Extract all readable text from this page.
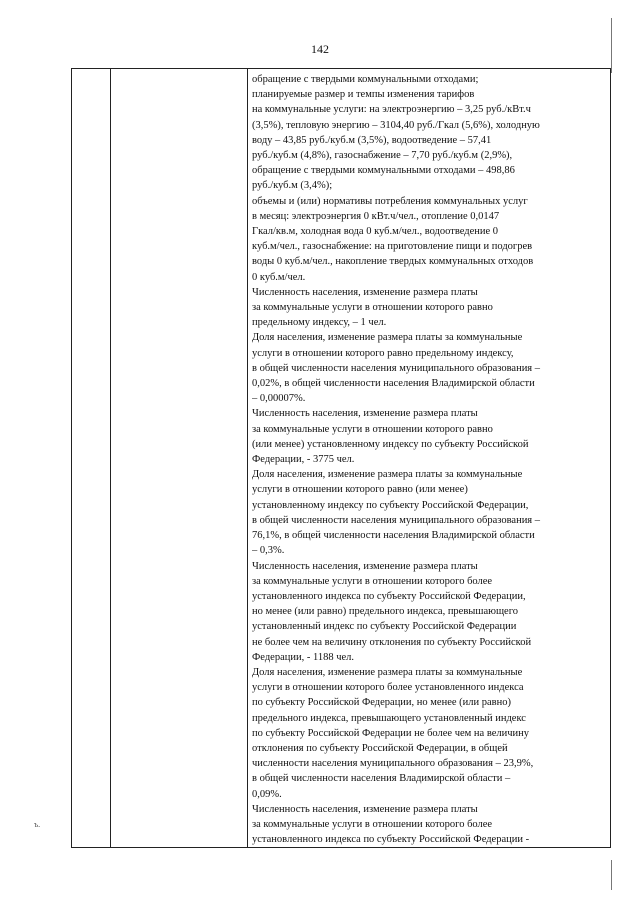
142

обращение с твердыми коммунальными отходами;
планируемые размер и темпы изменения тарифов
на коммунальные услуги: на электроэнергию – 3,25 руб./кВт.ч
(3,5%), тепловую энергию – 3104,40 руб./Гкал (5,6%), холодную
воду – 43,85 руб./куб.м (3,5%), водоотведение – 57,41
руб./куб.м (4,8%), газоснабжение – 7,70 руб./куб.м (2,9%),
обращение с твердыми коммунальными отходами – 498,86
руб./куб.м (3,4%);
объемы и (или) нормативы потребления коммунальных услуг
в месяц: электроэнергия 0 кВт.ч/чел., отопление 0,0147
Гкал/кв.м, холодная вода 0 куб.м/чел., водоотведение 0
куб.м/чел., газоснабжение: на приготовление пищи и подогрев
воды 0 куб.м/чел., накопление твердых коммунальных отходов
0 куб.м/чел.
Численность населения, изменение размера платы
за коммунальные услуги в отношении которого равно
предельному индексу, – 1 чел.
Доля населения, изменение размера платы за коммунальные
услуги в отношении которого равно предельному индексу,
в общей численности населения муниципального образования –
0,02%, в общей численности населения Владимирской области
– 0,00007%.
Численность населения, изменение размера платы
за коммунальные услуги в отношении которого равно
(или менее) установленному индексу по субъекту Российской
Федерации, - 3775 чел.
Доля населения, изменение размера платы за коммунальные
услуги в отношении которого равно (или менее)
установленному индексу по субъекту Российской Федерации,
в общей численности населения муниципального образования –
76,1%, в общей численности населения Владимирской области
– 0,3%.
Численность населения, изменение размера платы
за коммунальные услуги в отношении которого более
установленного индекса по субъекту Российской Федерации,
но менее (или равно) предельного индекса, превышающего
установленный индекс по субъекту Российской Федерации
не более чем на величину отклонения по субъекту Российской
Федерации, - 1188 чел.
Доля населения, изменение размера платы за коммунальные
услуги в отношении которого более установленного индекса
по субъекту Российской Федерации, но менее (или равно)
предельного индекса, превышающего установленный индекс
по субъекту Российской Федерации не более чем на величину
отклонения по субъекту Российской Федерации, в общей
численности населения муниципального образования – 23,9%,
в общей численности населения Владимирской области –
0,09%.
Численность населения, изменение размера платы
за коммунальные услуги в отношении которого более
установленного индекса по субъекту Российской Федерации -
ъ.
